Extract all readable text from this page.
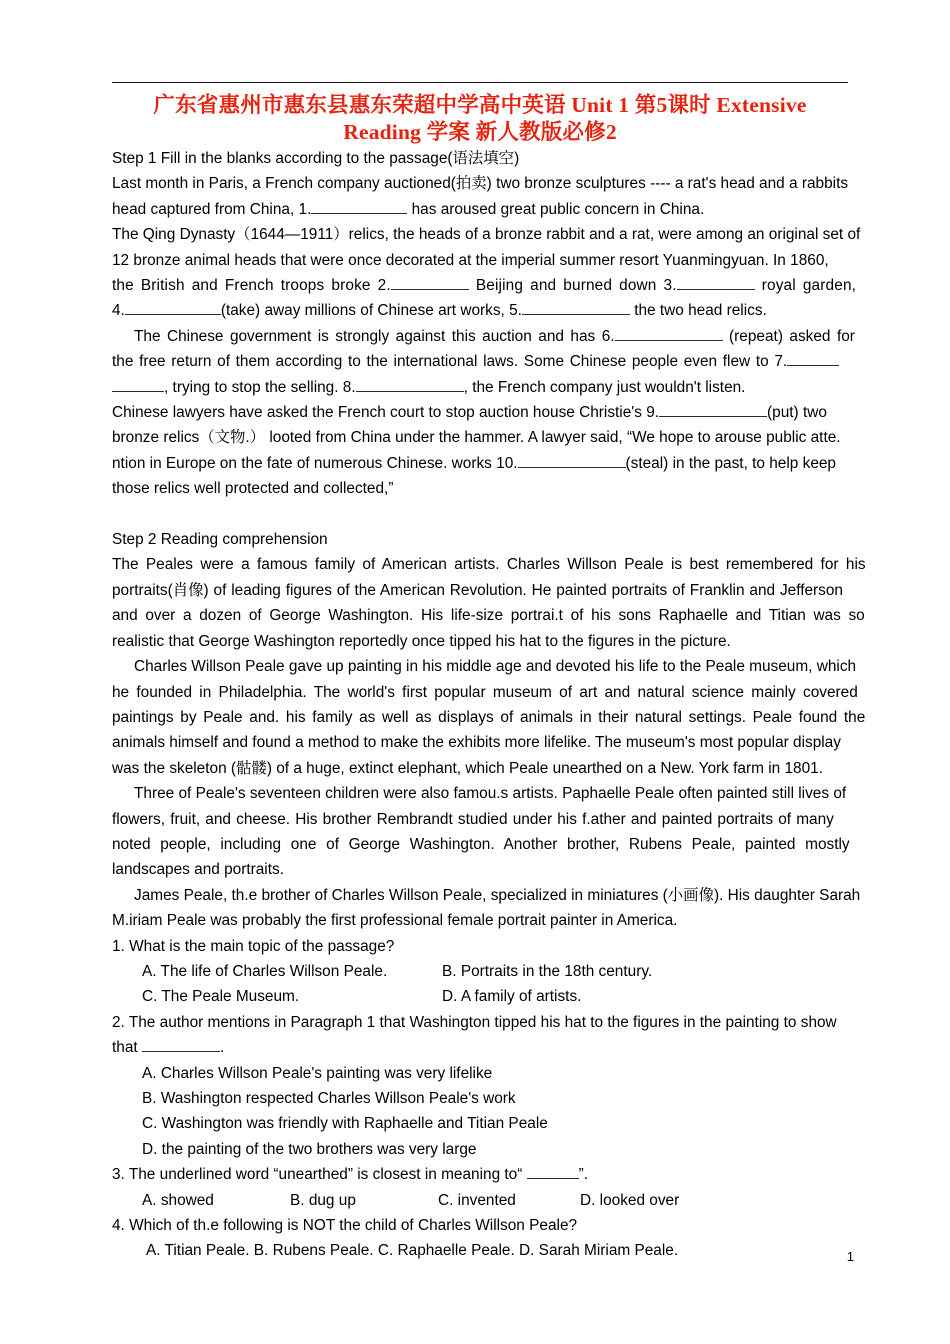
广东省惠州市惠东县惠东荣超中学高中英语 Unit 1 第5课时 Extensive
Reading 学案 新人教版必修2
Step 1 Fill in the blanks according to the passage(语法填空)
Last month in Paris, a French company auctioned(拍卖) two bronze sculptures ---- a rat's head and a rabbits
head captured from China, 1.	has aroused great public concern in China.
The Qing Dynasty（1644—1911）relics, the heads of a bronze rabbit and a rat, were among an original set of
12 bronze animal heads that were once decorated at the imperial summer resort Yuanmingyuan. In 1860,
the British and French troops broke 2.	Beijing and burned down 3.	royal garden,
4.	(take) away millions of Chinese art works, 5.	the two head relics.
The Chinese government is strongly against this auction and has 6.	(repeat) asked for
the free return of them according to the international laws. Some Chinese people even flew to 7.
, trying to stop the selling. 8.	, the French company just wouldn't listen.
Chinese lawyers have asked the French court to stop auction house Christie's 9.	(put) two
bronze relics（文物.） looted from China under the hammer. A lawyer said, “We hope to arouse public atte.
ntion in Europe on the fate of numerous Chinese. works 10.	(steal) in the past, to help keep
those relics well protected and collected,”
Step 2 Reading comprehension
The Peales were a famous family of American artists. Charles Willson Peale is best remembered for his
portraits(肖像) of leading figures of the American Revolution. He painted portraits of Franklin and Jefferson
and over a dozen of George Washington. His life-size portrai.t of his sons Raphaelle and Titian was so
realistic that George Washington reportedly once tipped his hat to the figures in the picture.
Charles Willson Peale gave up painting in his middle age and devoted his life to the Peale museum, which
he founded in Philadelphia. The world's first popular museum of art and natural science mainly covered
paintings by Peale and. his family as well as displays of animals in their natural settings. Peale found the
animals himself and found a method to make the exhibits more lifelike. The museum's most popular display
was the skeleton (骷髅) of a huge, extinct elephant, which Peale unearthed on a New. York farm in 1801.
Three of Peale's seventeen children were also famou.s artists. Paphaelle Peale often painted still lives of
flowers, fruit, and cheese. His brother Rembrandt studied under his f.ather and painted portraits of many
noted people, including one of George Washington. Another brother, Rubens Peale, painted mostly
landscapes and portraits.
James Peale, th.e brother of Charles Willson Peale, specialized in miniatures (小画像). His daughter Sarah
M.iriam Peale was probably the first professional female portrait painter in America.
1. What is the main topic of the passage?
A. The life of Charles Willson Peale.	B. Portraits in the 18th century.
C. The Peale Museum.	D. A family of artists.
2. The author mentions in Paragraph 1 that Washington tipped his hat to the figures in the painting to show
that	.
A. Charles Willson Peale's painting was very lifelike
B. Washington respected Charles Willson Peale's work
C. Washington was friendly with Raphaelle and Titian Peale
D. the painting of the two brothers was very large
3. The underlined word “unearthed” is closest in meaning to“	”.
A. showed	B. dug up	C. invented	D. looked over
4. Which of th.e following is NOT the child of Charles Willson Peale?
A. Titian Peale. B. Rubens Peale. C. Raphaelle Peale. D. Sarah Miriam Peale.	1
